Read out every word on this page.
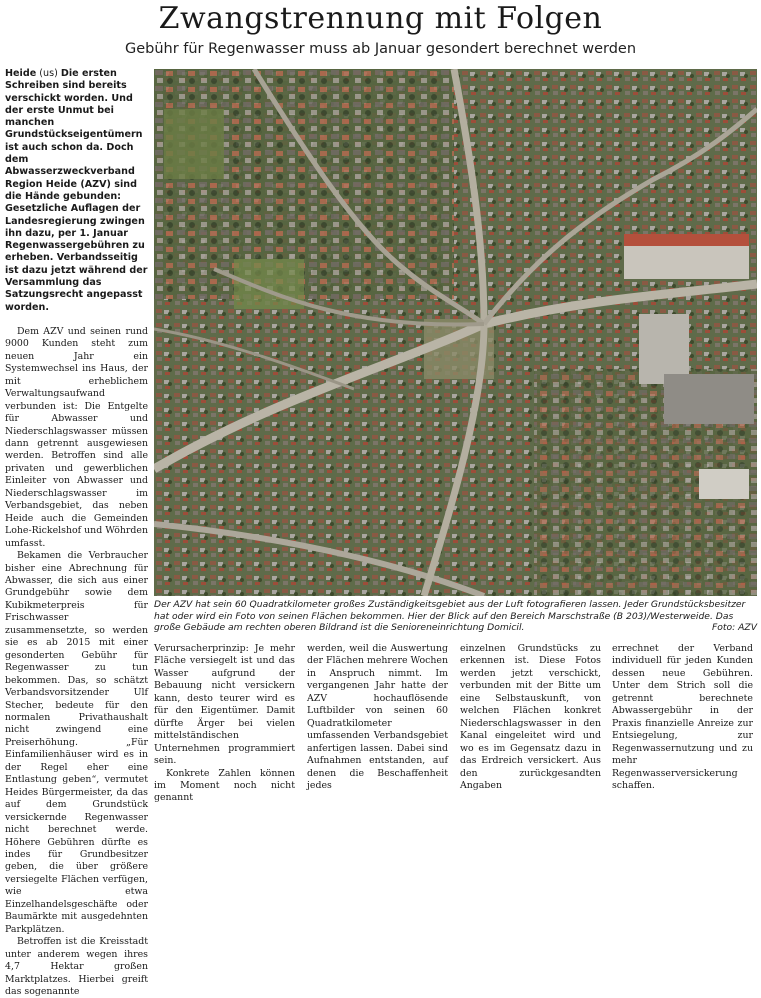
Zwangstrennung mit Folgen
Gebühr für Regenwasser muss ab Januar gesondert berechnet werden

Heide (us) Die ersten Schreiben sind bereits verschickt worden. Und der erste Unmut bei manchen Grundstückseigentümern ist auch schon da. Doch dem Abwasserzweckverband Region Heide (AZV) sind die Hände gebunden: Gesetzliche Auflagen der Landesregierung zwingen ihn dazu, per 1. Januar Regenwassergebühren zu erheben. Verbandsseitig ist dazu jetzt während der Versammlung das Satzungsrecht angepasst worden.

Dem AZV und seinen rund 9000 Kunden steht zum neuen Jahr ein Systemwechsel ins Haus, der mit erheblichem Verwaltungsaufwand verbunden ist: Die Entgelte für Abwasser und Niederschlagswasser müssen dann getrennt ausgewiesen werden. Betroffen sind alle privaten und gewerblichen Einleiter von Abwasser und Niederschlagswasser im Verbandsgebiet, das neben Heide auch die Gemeinden Lohe-Rickelshof und Wöhrden umfasst.

Bekamen die Verbraucher bisher eine Abrechnung für Abwasser, die sich aus einer Grundgebühr sowie dem Kubikmeterpreis für Frischwasser zusammensetzte, so werden sie es ab 2015 mit einer gesonderten Gebühr für Regenwasser zu tun bekommen. Das, so schätzt Verbandsvorsitzender Ulf Stecher, bedeute für den normalen Privathaushalt nicht zwingend eine Preiserhöhung. „Für Einfamilienhäuser wird es in der Regel eher eine Entlastung geben“, vermutet Heides Bürgermeister, da das auf dem Grundstück versickernde Regenwasser nicht berechnet werde. Höhere Gebühren dürfte es indes für Grundbesitzer geben, die über größere versiegelte Flächen verfügen, wie etwa Einzelhandelsgeschäfte oder Baumärkte mit ausgedehnten Parkplätzen.

Betroffen ist die Kreisstadt unter anderem wegen ihres 4,7 Hektar großen Marktplatzes. Hierbei greift das sogenannte

Der AZV hat sein 60 Quadratkilometer großes Zuständigkeitsgebiet aus der Luft fotografieren lassen. Jeder Grundstücksbesitzer hat oder wird ein Foto von seinen Flächen bekommen. Hier der Blick auf den Bereich Marschstraße (B 203)/Westerweide. Das große Gebäude am rechten oberen Bildrand ist die Senioreneinrichtung Domicil.	Foto: AZV

Verursacherprinzip: Je mehr Fläche versiegelt ist und das Wasser aufgrund der Bebauung nicht versickern kann, desto teurer wird es für den Eigentümer. Damit dürfte Ärger bei vielen mittelständischen Unternehmen programmiert sein.

Konkrete Zahlen können im Moment noch nicht genannt

werden, weil die Auswertung der Flächen mehrere Wochen in Anspruch nimmt. Im vergangenen Jahr hatte der AZV hochauflösende Luftbilder von seinen 60 Quadratkilometer umfassenden Verbandsgebiet anfertigen lassen. Dabei sind Aufnahmen entstanden, auf denen die Beschaffenheit jedes

einzelnen Grundstücks zu erkennen ist. Diese Fotos werden jetzt verschickt, verbunden mit der Bitte um eine Selbstauskunft, von welchen Flächen konkret Niederschlagswasser in den Kanal eingeleitet wird und wo es im Gegensatz dazu in das Erdreich versickert. Aus den zurückgesandten Angaben

errechnet der Verband individuell für jeden Kunden dessen neue Gebühren. Unter dem Strich soll die getrennt berechnete Abwassergebühr in der Praxis finanzielle Anreize zur Entsiegelung, zur Regenwassernutzung und zu mehr Regenwasserversickerung schaffen.
